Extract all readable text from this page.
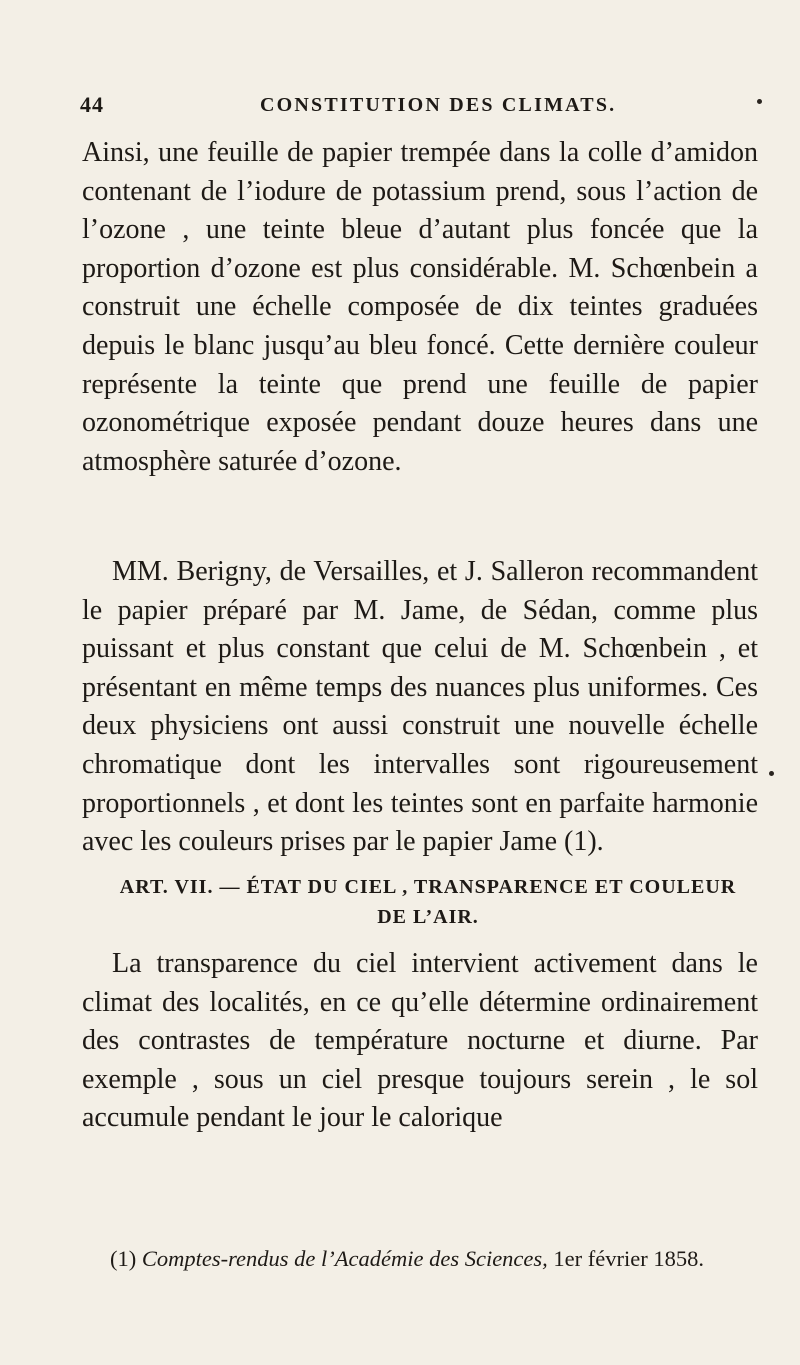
44	CONSTITUTION DES CLIMATS.

Ainsi, une feuille de papier trempée dans la colle d’amidon contenant de l’iodure de potassium prend, sous l’action de l’ozone , une teinte bleue d’autant plus foncée que la proportion d’ozone est plus considérable. M. Schœnbein a construit une échelle composée de dix teintes graduées depuis le blanc jusqu’au bleu foncé. Cette dernière couleur représente la teinte que prend une feuille de papier ozonométrique exposée pendant douze heures dans une atmosphère saturée d’ozone.

MM. Berigny, de Versailles, et J. Salleron recommandent le papier préparé par M. Jame, de Sédan, comme plus puissant et plus constant que celui de M. Schœnbein , et présentant en même temps des nuances plus uniformes. Ces deux physiciens ont aussi construit une nouvelle échelle chromatique dont les intervalles sont rigoureusement proportionnels , et dont les teintes sont en parfaite harmonie avec les couleurs prises par le papier Jame (1).

ART. VII. — ÉTAT DU CIEL , TRANSPARENCE ET COULEUR
DE L’AIR.

La transparence du ciel intervient activement dans le climat des localités, en ce qu’elle détermine ordinairement des contrastes de température nocturne et diurne. Par exemple , sous un ciel presque toujours serein , le sol accumule pendant le jour le calorique

(1) Comptes-rendus de l’Académie des Sciences, 1er février 1858.
